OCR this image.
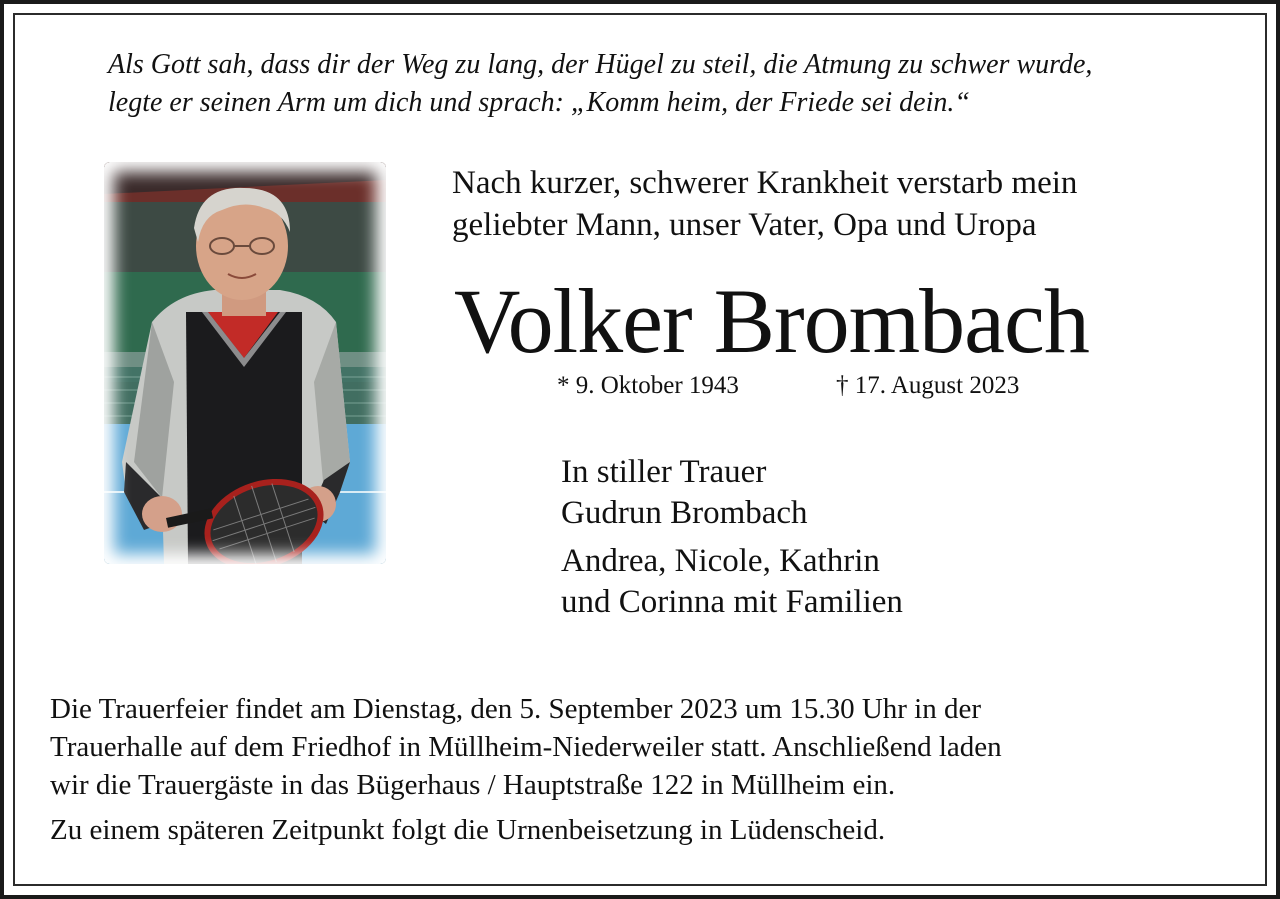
Als Gott sah, dass dir der Weg zu lang, der Hügel zu steil, die Atmung zu schwer wurde,
legte er seinen Arm um dich und sprach: „Komm heim, der Friede sei dein.“
Nach kurzer, schwerer Krankheit verstarb mein
geliebter Mann, unser Vater, Opa und Uropa
Volker Brombach
* 9. Oktober 1943	† 17. August 2023
In stiller Trauer
Gudrun Brombach
Andrea, Nicole, Kathrin
und Corinna mit Familien
Die Trauerfeier findet am Dienstag, den 5. September 2023 um 15.30 Uhr in der
Trauerhalle auf dem Friedhof in Müllheim-Niederweiler statt. Anschließend laden
wir die Trauergäste in das Bügerhaus / Hauptstraße 122 in Müllheim ein.
Zu einem späteren Zeitpunkt folgt die Urnenbeisetzung in Lüdenscheid.
